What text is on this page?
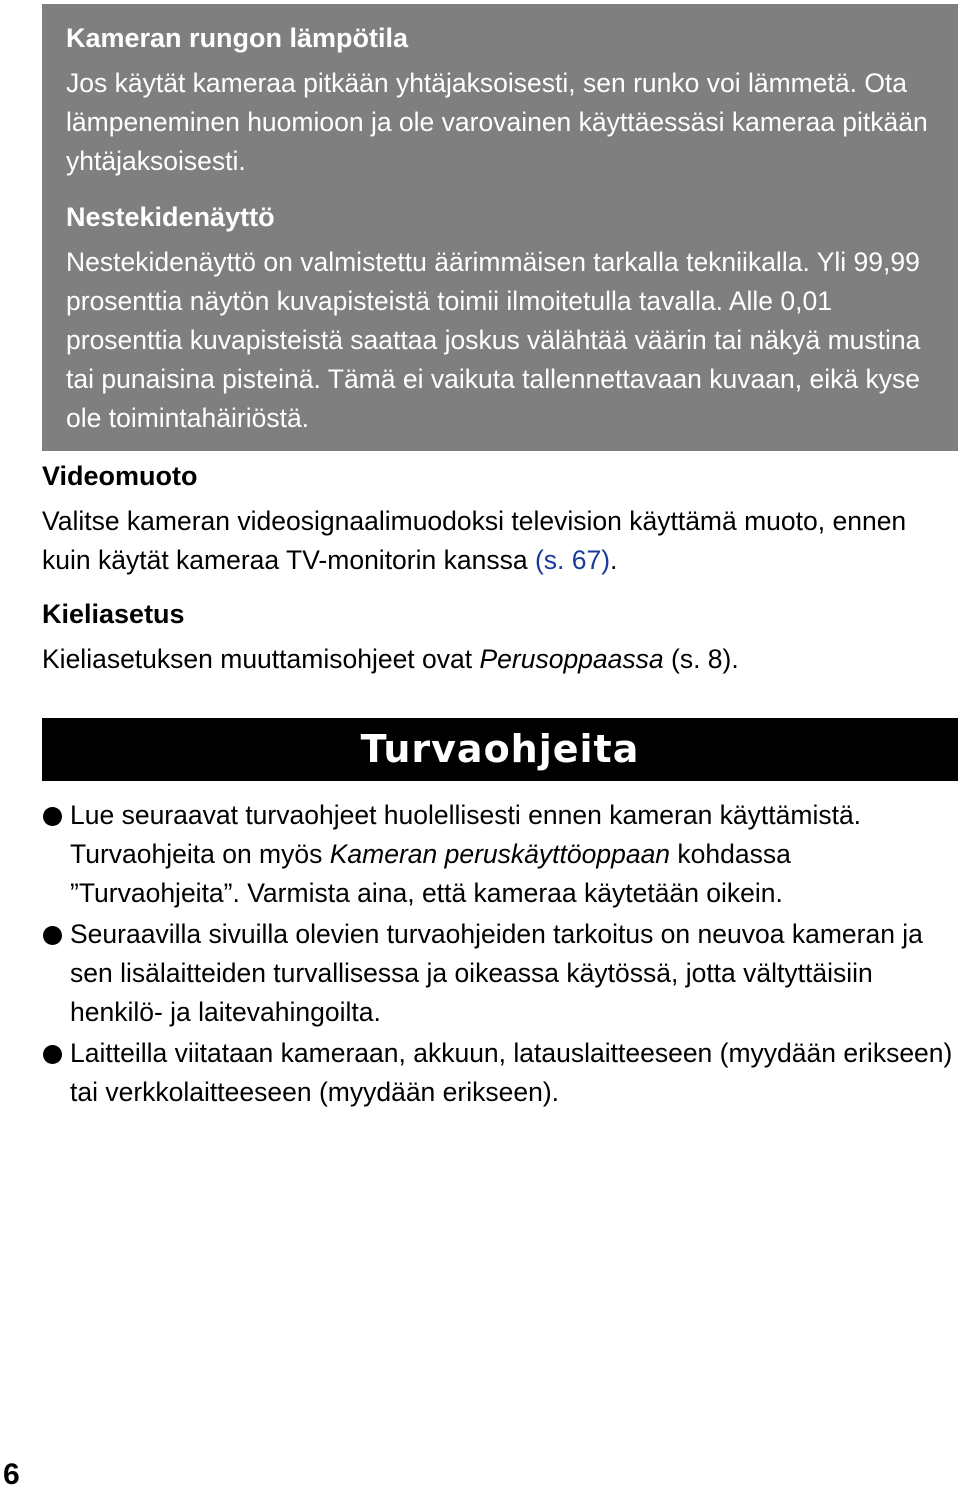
Kameran rungon lämpötila

Jos käytät kameraa pitkään yhtäjaksoisesti, sen runko voi lämmetä. Ota lämpeneminen huomioon ja ole varovainen käyttäessäsi kameraa pitkään yhtäjaksoisesti.

Nestekidenäyttö

Nestekidenäyttö on valmistettu äärimmäisen tarkalla tekniikalla. Yli 99,99 prosenttia näytön kuvapisteistä toimii ilmoitetulla tavalla. Alle 0,01 prosenttia kuvapisteistä saattaa joskus välähtää väärin tai näkyä mustina tai punaisina pisteinä. Tämä ei vaikuta tallennettavaan kuvaan, eikä kyse ole toimintahäiriöstä.

Videomuoto

Valitse kameran videosignaalimuodoksi television käyttämä muoto, ennen kuin käytät kameraa TV-monitorin kanssa (s. 67).

Kieliasetus

Kieliasetuksen muuttamisohjeet ovat Perusoppaassa (s. 8).

Turvaohjeita
Lue seuraavat turvaohjeet huolellisesti ennen kameran käyttämistä. Turvaohjeita on myös Kameran peruskäyttöoppaan kohdassa ”Turvaohjeita”. Varmista aina, että kameraa käytetään oikein.
Seuraavilla sivuilla olevien turvaohjeiden tarkoitus on neuvoa kameran ja sen lisälaitteiden turvallisessa ja oikeassa käytössä, jotta vältyttäisiin henkilö- ja laitevahingoilta.
Laitteilla viitataan kameraan, akkuun, latauslaitteeseen (myydään erikseen) tai verkkolaitteeseen (myydään erikseen).
6
